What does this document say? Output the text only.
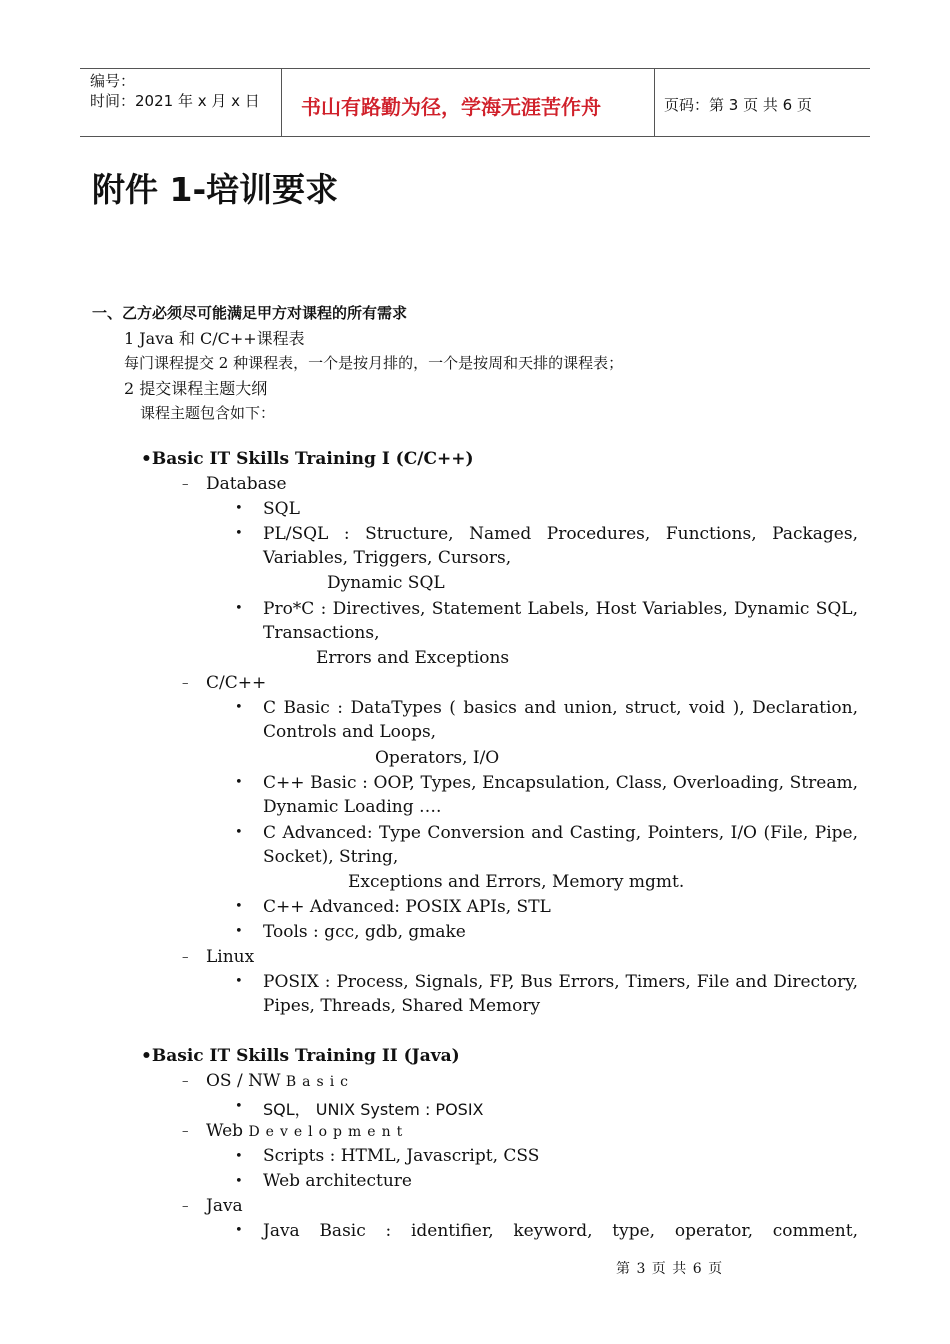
编号：
时间：2021 年 x 月 x 日 书山有路勤为径，学海无涯苦作舟	页码：第 3 页 共 6 页
附件 1-培训要求
一、乙方必须尽可能满足甲方对课程的所有需求
1 Java 和 C/C++课程表
每门课程提交 2 种课程表，一个是按月排的，一个是按周和天排的课程表；
2 提交课程主题大纲
课程主题包含如下：
•Basic IT Skills Training I (C/C++)
– Database
• SQL
• PL/SQL : Structure, Named Procedures, Functions, Packages,
Variables, Triggers, Cursors,
Dynamic SQL
• Pro*C : Directives, Statement Labels, Host Variables, Dynamic SQL,
Transactions,
Errors and Exceptions
– C/C++
• C Basic : DataTypes ( basics and union, struct, void ), Declaration,
Controls and Loops,
Operators, I/O
• C++ Basic : OOP, Types, Encapsulation, Class, Overloading, Stream,
Dynamic Loading ….
• C Advanced: Type Conversion and Casting, Pointers, I/O (File, Pipe,
Socket), String,
Exceptions and Errors, Memory mgmt.
• C++ Advanced: POSIX APIs, STL
• Tools : gcc, gdb, gmake
– Linux
• POSIX : Process, Signals, FP, Bus Errors, Timers, File and Directory,
Pipes, Threads, Shared Memory
•Basic IT Skills Training II (Java)
– OS / NW Basic
• SQL， UNIX System : POSIX
– Web Development
• Scripts : HTML, Javascript, CSS
• Web architecture
– Java
• Java Basic : identifier, keyword, type, operator, comment,
第 3 页 共 6 页
